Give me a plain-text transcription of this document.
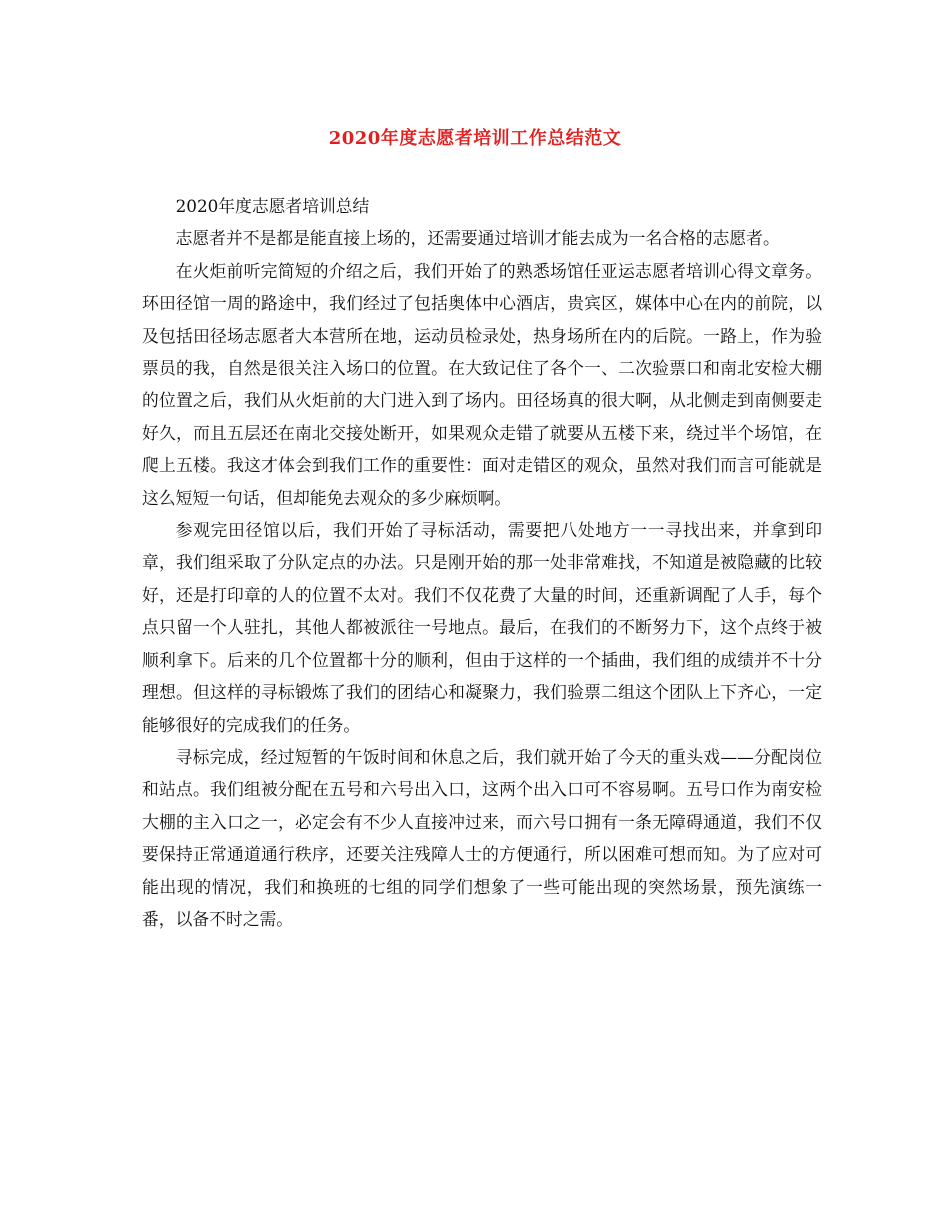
2020年度志愿者培训工作总结范文

2020年度志愿者培训总结

志愿者并不是都是能直接上场的，还需要通过培训才能去成为一名合格的志愿者。

在火炬前听完简短的介绍之后，我们开始了的熟悉场馆任亚运志愿者培训心得文章务。环田径馆一周的路途中，我们经过了包括奥体中心酒店，贵宾区，媒体中心在内的前院，以及包括田径场志愿者大本营所在地，运动员检录处，热身场所在内的后院。一路上，作为验票员的我，自然是很关注入场口的位置。在大致记住了各个一、二次验票口和南北安检大棚的位置之后，我们从火炬前的大门进入到了场内。田径场真的很大啊，从北侧走到南侧要走好久，而且五层还在南北交接处断开，如果观众走错了就要从五楼下来，绕过半个场馆，在爬上五楼。我这才体会到我们工作的重要性：面对走错区的观众，虽然对我们而言可能就是这么短短一句话，但却能免去观众的多少麻烦啊。

参观完田径馆以后，我们开始了寻标活动，需要把八处地方一一寻找出来，并拿到印章，我们组采取了分队定点的办法。只是刚开始的那一处非常难找，不知道是被隐藏的比较好，还是打印章的人的位置不太对。我们不仅花费了大量的时间，还重新调配了人手，每个点只留一个人驻扎，其他人都被派往一号地点。最后，在我们的不断努力下，这个点终于被顺利拿下。后来的几个位置都十分的顺利，但由于这样的一个插曲，我们组的成绩并不十分理想。但这样的寻标锻炼了我们的团结心和凝聚力，我们验票二组这个团队上下齐心，一定能够很好的完成我们的任务。

寻标完成，经过短暂的午饭时间和休息之后，我们就开始了今天的重头戏——分配岗位和站点。我们组被分配在五号和六号出入口，这两个出入口可不容易啊。五号口作为南安检大棚的主入口之一，必定会有不少人直接冲过来，而六号口拥有一条无障碍通道，我们不仅要保持正常通道通行秩序，还要关注残障人士的方便通行，所以困难可想而知。为了应对可能出现的情况，我们和换班的七组的同学们想象了一些可能出现的突然场景，预先演练一番，以备不时之需。
